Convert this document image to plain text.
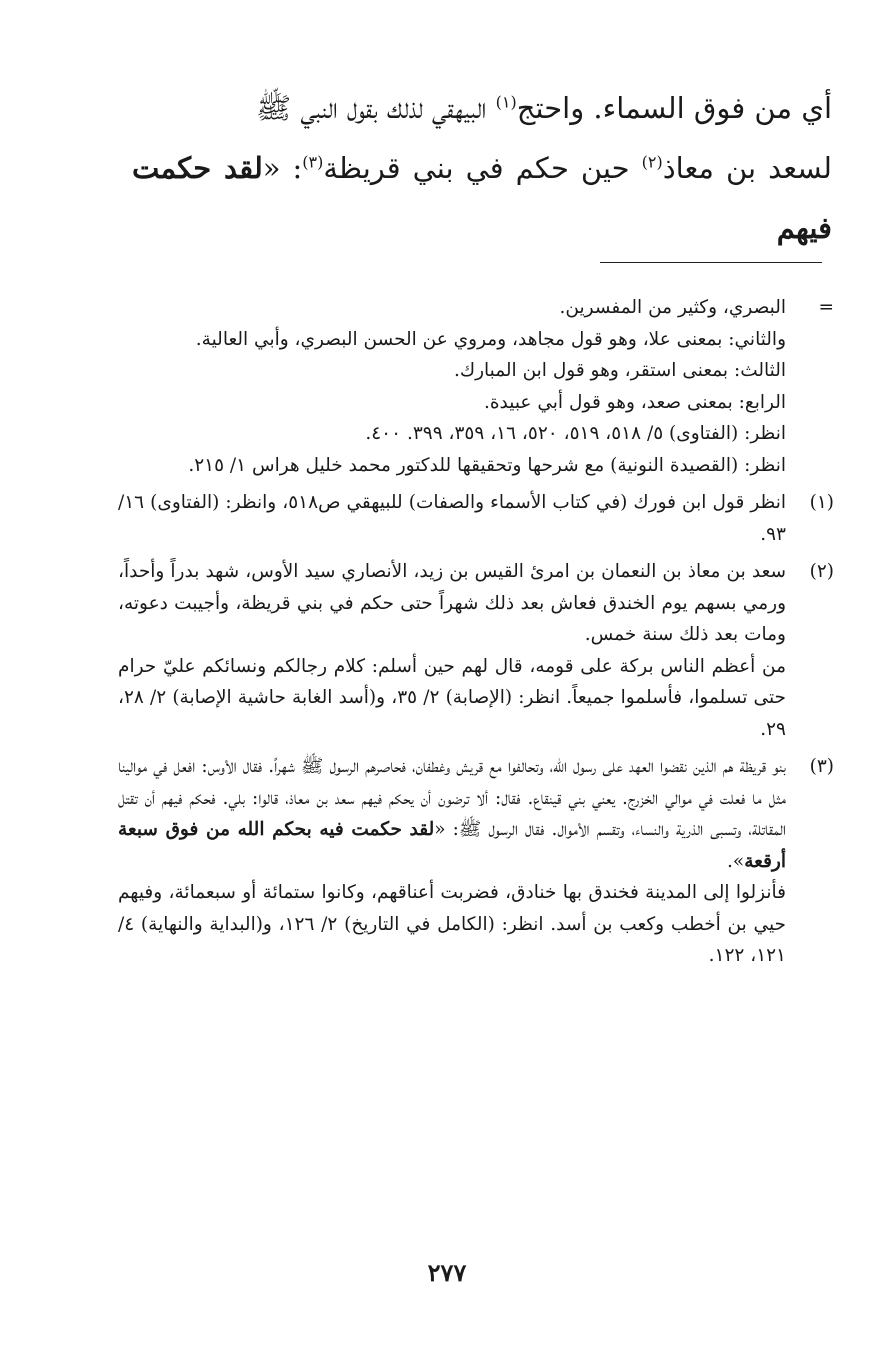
أي من فوق السماء. واحتج$^{(١)}$ البيهقي لذلك بقول النبي ﷺ

لسعد بن معاذ$^{(٢)}$ حين حكم في بني قريظة$^{(٣)}$: «لقد حكمت فيهم

=

البصري، وكثير من المفسرين.

والثاني: بمعنى علا، وهو قول مجاهد، ومروي عن الحسن البصري، وأبي العالية.

الثالث: بمعنى استقر، وهو قول ابن المبارك.

الرابع: بمعنى صعد، وهو قول أبي عبيدة.

انظر: (الفتاوى) ٥/ ٥١٨، ٥١٩، ٥٢٠، ١٦، ٣٥٩، ٣٩٩. ٤٠٠.

انظر: (القصيدة النونية) مع شرحها وتحقيقها للدكتور محمد خليل هراس ١/ ٢١٥.

(١)

انظر قول ابن فورك (في كتاب الأسماء والصفات) للبيهقي ص٥١٨، وانظر: (الفتاوى) ١٦/ ٩٣.

(٢)

سعد بن معاذ بن النعمان بن امرئ القيس بن زيد، الأنصاري سيد الأوس، شهد بدراً وأحداً، ورمي بسهم يوم الخندق فعاش بعد ذلك شهراً حتى حكم في بني قريظة، وأجيبت دعوته، ومات بعد ذلك سنة خمس.

من أعظم الناس بركة على قومه، قال لهم حين أسلم: كلام رجالكم ونسائكم عليّ حرام حتى تسلموا، فأسلموا جميعاً. انظر: (الإصابة) ٢/ ٣٥، و(أسد الغابة حاشية الإصابة) ٢/ ٢٨، ٢٩.

(٣)

بنو قريظة هم الذين نقضوا العهد على رسول الله، وتحالفوا مع قريش وغطفان، فحاصرهم الرسول ﷺ شهراً. فقال الأوس: افعل في موالينا مثل ما فعلت في موالي الخزرج. يعني بني قينقاع. فقال: ألا ترضون أن يحكم فيهم سعد بن معاذ، قالوا: بلي. فحكم فيهم أن تقتل المقاتلة، وتسبى الذرية والنساء، وتقسم الأموال. فقال الرسول ﷺ: «لقد حكمت فيه بحكم الله من فوق سبعة أرقعة».

فأنزلوا إلى المدينة فخندق بها خنادق، فضربت أعناقهم، وكانوا ستمائة أو سبعمائة، وفيهم حيي بن أخطب وكعب بن أسد. انظر: (الكامل في التاريخ) ٢/ ١٢٦، و(البداية والنهاية) ٤/ ١٢١، ١٢٢.

٢٧٧
